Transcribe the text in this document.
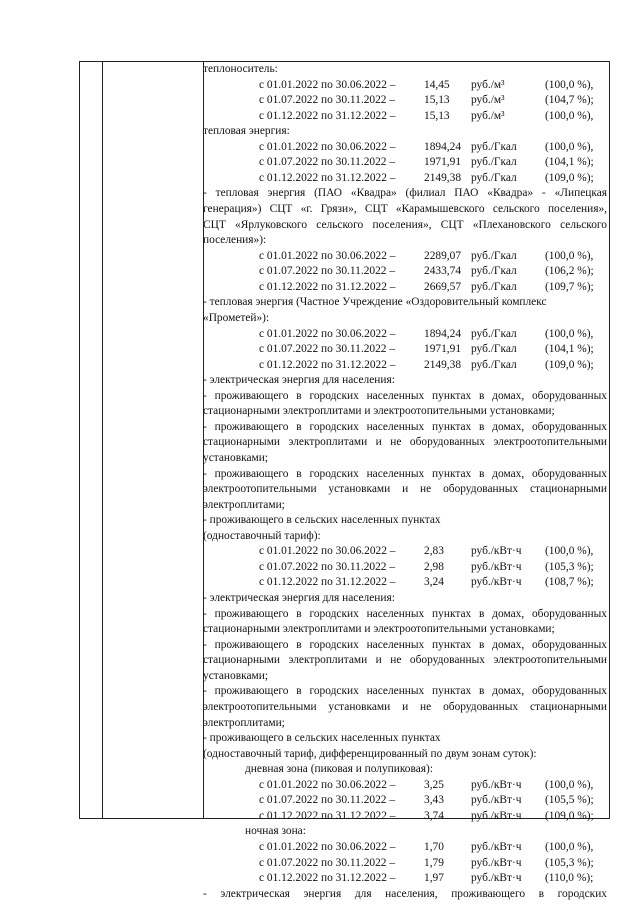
теплоноситель:
с 01.01.2022 по 30.06.2022 –	14,45 руб./м³	(100,0 %),
с 01.07.2022 по 30.11.2022 –	15,13 руб./м³	(104,7 %);
с 01.12.2022 по 31.12.2022 –	15,13 руб./м³	(100,0 %),
тепловая энергия:
с 01.01.2022 по 30.06.2022 –	1894,24 руб./Гкал (100,0 %),
с 01.07.2022 по 30.11.2022 –	1971,91 руб./Гкал (104,1 %);
с 01.12.2022 по 31.12.2022 –	2149,38 руб./Гкал (109,0 %);
- тепловая энергия (ПАО «Квадра» (филиал ПАО «Квадра» - «Липецкая
генерация») СЦТ «г. Грязи», СЦТ «Карамышевского сельского поселения»,
СЦТ «Ярлуковского сельского поселения», СЦТ «Плехановского сельского
поселения»):
с 01.01.2022 по 30.06.2022 –	2289,07 руб./Гкал (100,0 %),
с 01.07.2022 по 30.11.2022 –	2433,74 руб./Гкал (106,2 %);
с 01.12.2022 по 31.12.2022 –	2669,57 руб./Гкал (109,7 %);
- тепловая энергия (Частное Учреждение «Оздоровительный комплекс
«Прометей»):
с 01.01.2022 по 30.06.2022 –	1894,24 руб./Гкал (100,0 %),
с 01.07.2022 по 30.11.2022 –	1971,91 руб./Гкал (104,1 %);
с 01.12.2022 по 31.12.2022 –	2149,38 руб./Гкал (109,0 %);
- электрическая энергия для населения:
- проживающего в городских населенных пунктах в домах, оборудованных
стационарными электроплитами и электроотопительными установками;
- проживающего в городских населенных пунктах в домах, оборудованных
стационарными электроплитами и не оборудованных электроотопительными
установками;
- проживающего в городских населенных пунктах в домах, оборудованных
электроотопительными установками и не оборудованных стационарными
электроплитами;
- проживающего в сельских населенных пунктах
(одноставочный тариф):
с 01.01.2022 по 30.06.2022 –	2,83 руб./кВт·ч (100,0 %),
с 01.07.2022 по 30.11.2022 –	2,98 руб./кВт·ч (105,3 %);
с 01.12.2022 по 31.12.2022 –	3,24 руб./кВт·ч (108,7 %);
- электрическая энергия для населения:
- проживающего в городских населенных пунктах в домах, оборудованных
стационарными электроплитами и электроотопительными установками;
- проживающего в городских населенных пунктах в домах, оборудованных
стационарными электроплитами и не оборудованных электроотопительными
установками;
- проживающего в городских населенных пунктах в домах, оборудованных
электроотопительными установками и не оборудованных стационарными
электроплитами;
- проживающего в сельских населенных пунктах
(одноставочный тариф, дифференцированный по двум зонам суток):
дневная зона (пиковая и полупиковая):
с 01.01.2022 по 30.06.2022 –	3,25 руб./кВт·ч (100,0 %),
с 01.07.2022 по 30.11.2022 –	3,43 руб./кВт·ч (105,5 %);
с 01.12.2022 по 31.12.2022 –	3,74 руб./кВт·ч (109,0 %);
ночная зона:
с 01.01.2022 по 30.06.2022 –	1,70 руб./кВт·ч (100,0 %),
с 01.07.2022 по 30.11.2022 –	1,79 руб./кВт·ч (105,3 %);
с 01.12.2022 по 31.12.2022 –	1,97 руб./кВт·ч (110,0 %);
- электрическая энергия для населения, проживающего в городских
